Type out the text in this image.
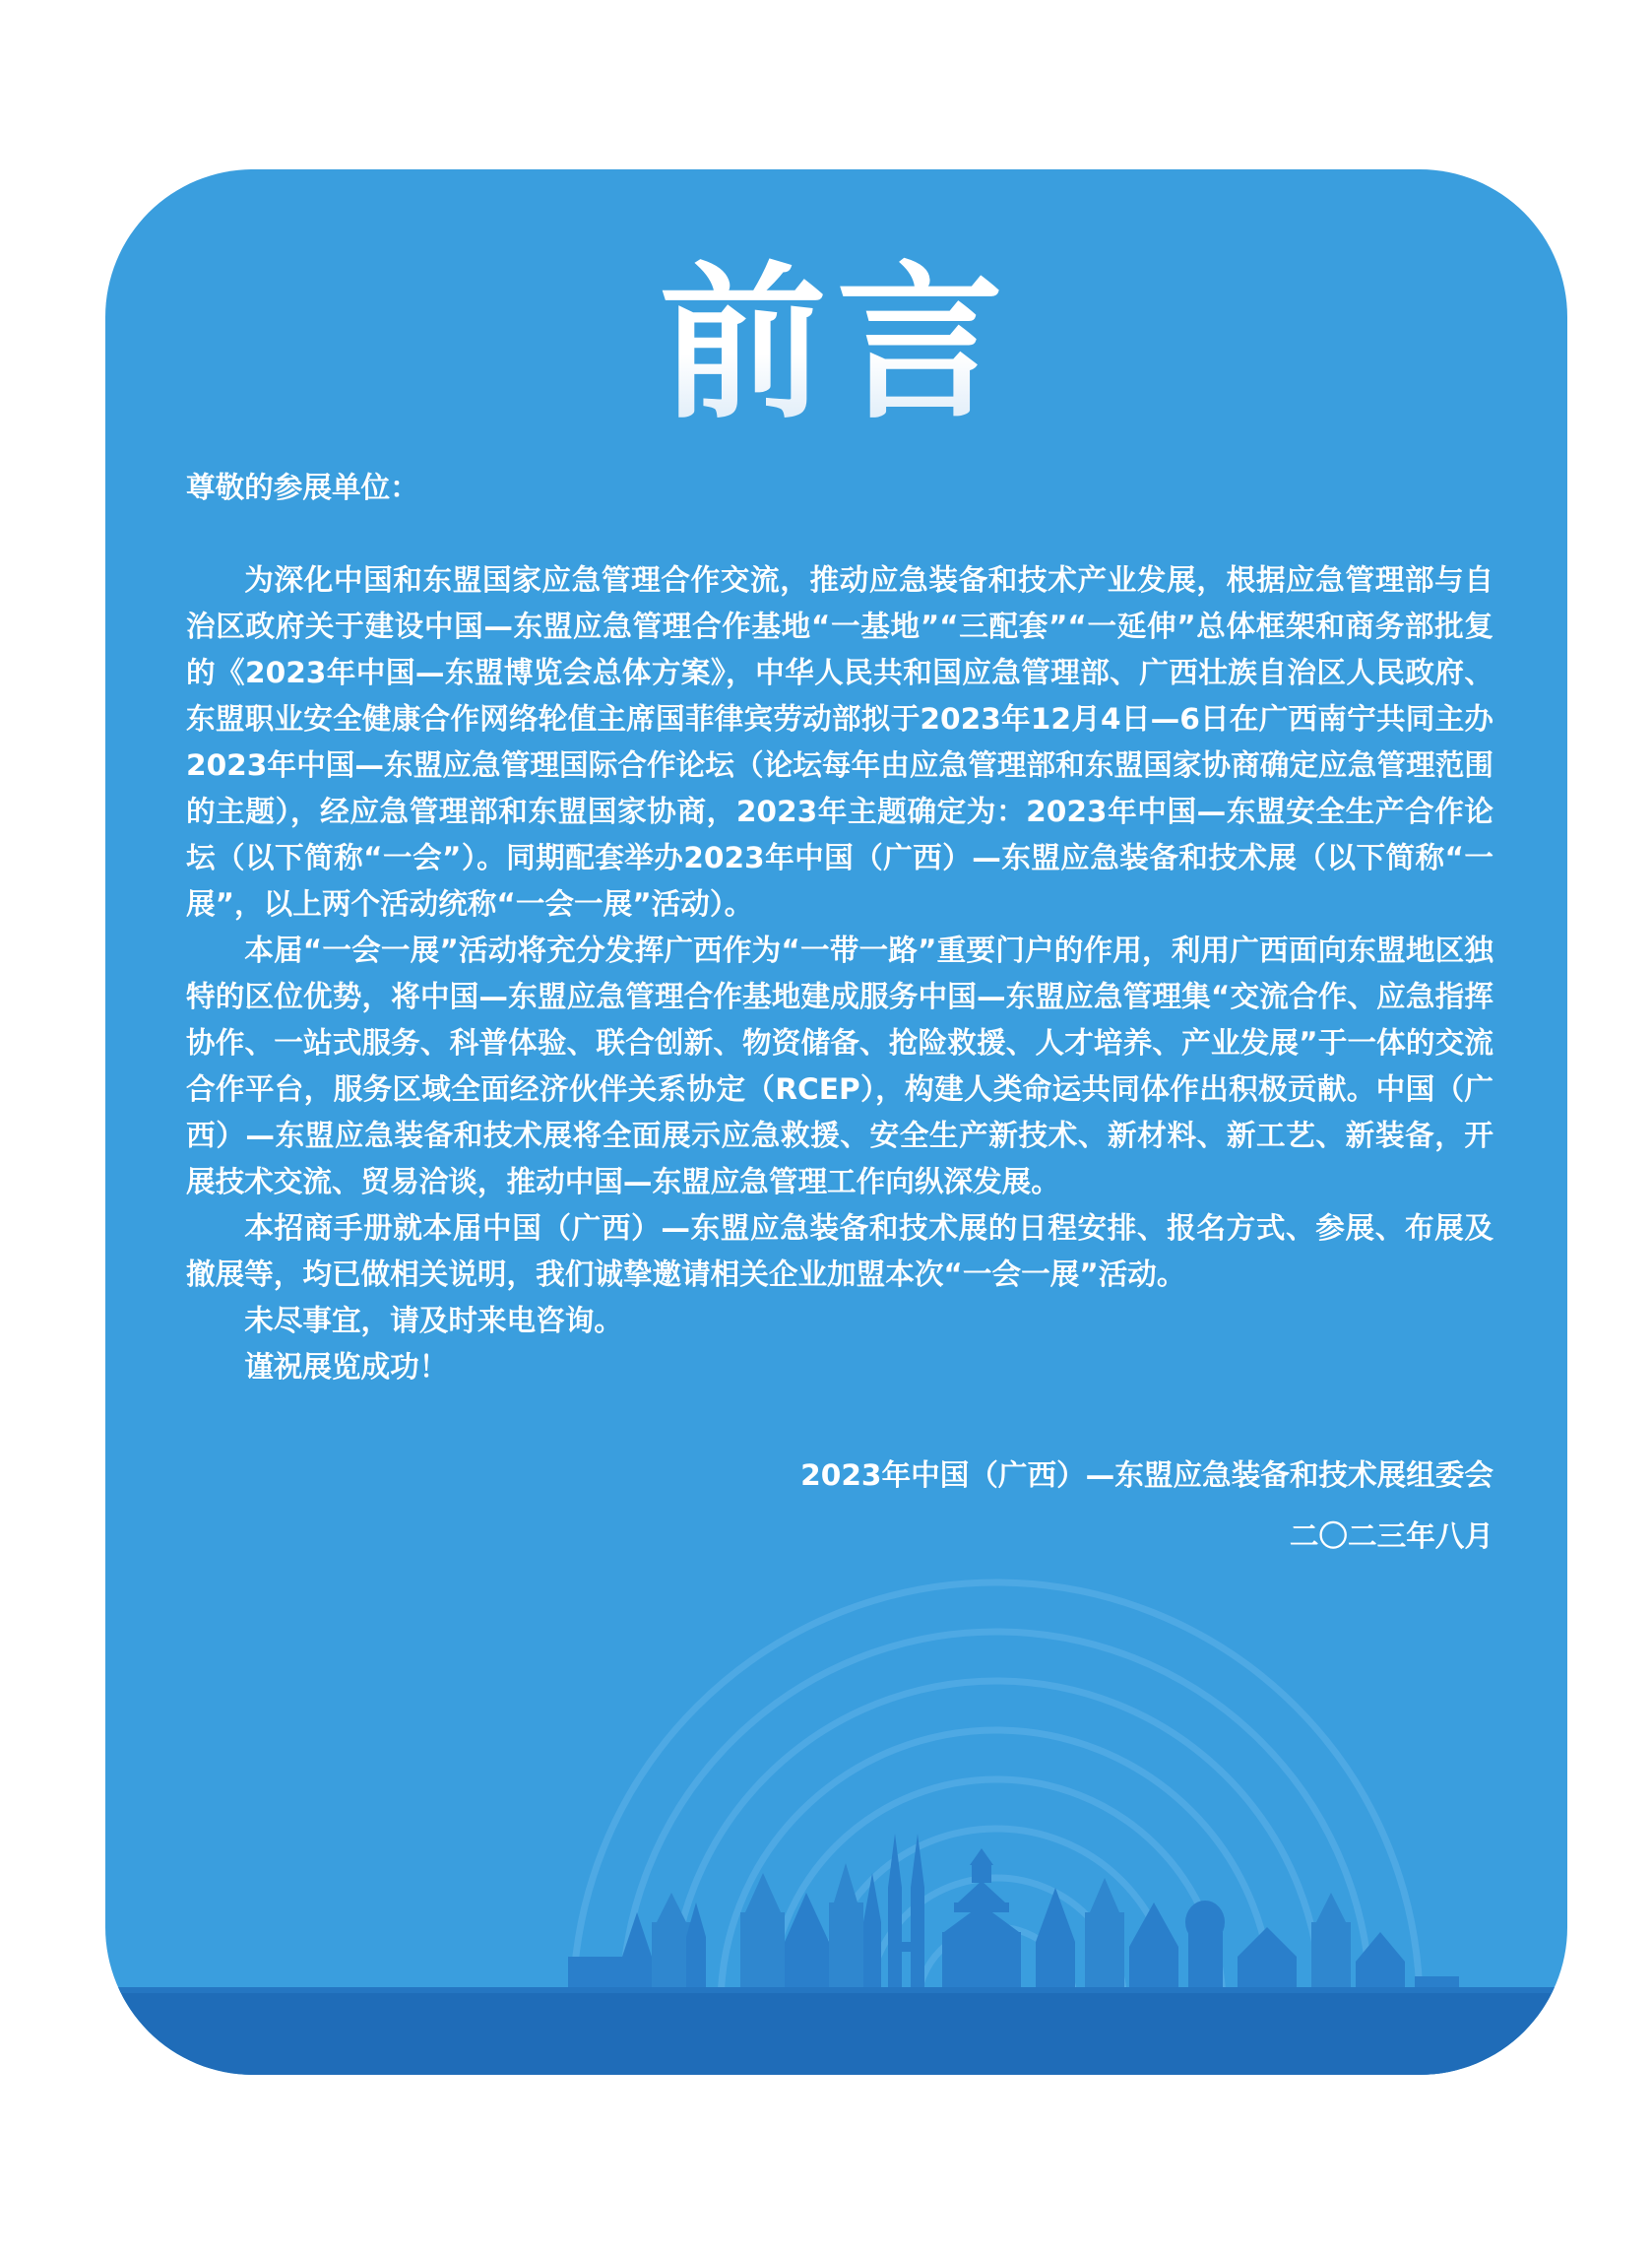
前言

尊敬的参展单位：

为深化中国和东盟国家应急管理合作交流，推动应急装备和技术产业发展，根据应急管理部与自治区政府关于建设中国—东盟应急管理合作基地“一基地”“三配套”“一延伸”总体框架和商务部批复的《2023年中国—东盟博览会总体方案》，中华人民共和国应急管理部、广西壮族自治区人民政府、东盟职业安全健康合作网络轮值主席国菲律宾劳动部拟于2023年12月4日—6日在广西南宁共同主办2023年中国—东盟应急管理国际合作论坛（论坛每年由应急管理部和东盟国家协商确定应急管理范围的主题），经应急管理部和东盟国家协商，2023年主题确定为：2023年中国—东盟安全生产合作论坛（以下简称“一会”）。同期配套举办2023年中国（广西）—东盟应急装备和技术展（以下简称“一展”，以上两个活动统称“一会一展”活动）。

本届“一会一展”活动将充分发挥广西作为“一带一路”重要门户的作用，利用广西面向东盟地区独特的区位优势，将中国—东盟应急管理合作基地建成服务中国—东盟应急管理集“交流合作、应急指挥协作、一站式服务、科普体验、联合创新、物资储备、抢险救援、人才培养、产业发展”于一体的交流合作平台，服务区域全面经济伙伴关系协定（RCEP），构建人类命运共同体作出积极贡献。中国（广西）—东盟应急装备和技术展将全面展示应急救援、安全生产新技术、新材料、新工艺、新装备，开展技术交流、贸易洽谈，推动中国—东盟应急管理工作向纵深发展。

本招商手册就本届中国（广西）—东盟应急装备和技术展的日程安排、报名方式、参展、布展及撤展等，均已做相关说明，我们诚挚邀请相关企业加盟本次“一会一展”活动。

未尽事宜，请及时来电咨询。

谨祝展览成功！

2023年中国（广西）—东盟应急装备和技术展组委会
二〇二三年八月
